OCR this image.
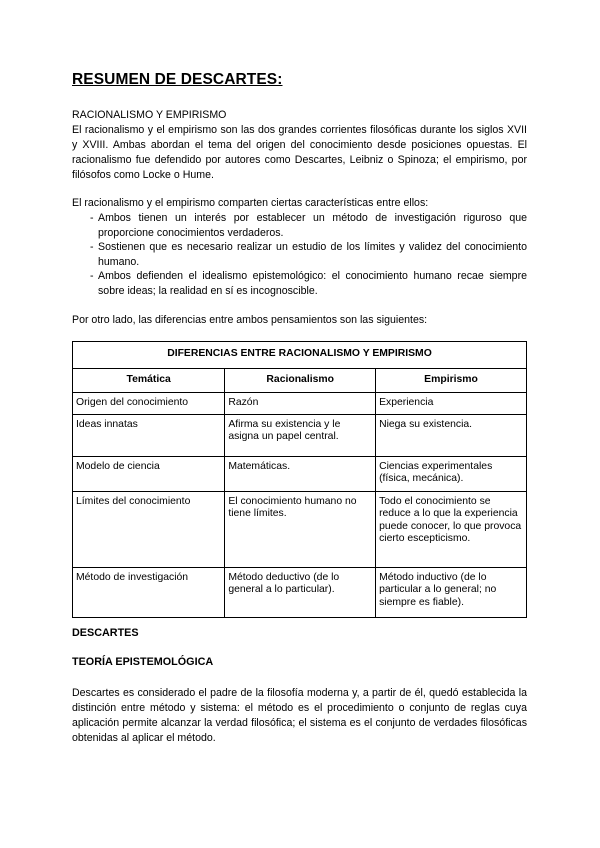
RESUMEN DE DESCARTES:
RACIONALISMO Y EMPIRISMO
El racionalismo y el empirismo son las dos grandes corrientes filosóficas durante los siglos XVII y XVIII. Ambas abordan el tema del origen del conocimiento desde posiciones opuestas. El racionalismo fue defendido por autores como Descartes, Leibniz o Spinoza; el empirismo, por filósofos como Locke o Hume.
El racionalismo y el empirismo comparten ciertas características entre ellos:
- Ambos tienen un interés por establecer un método de investigación riguroso que proporcione conocimientos verdaderos.
- Sostienen que es necesario realizar un estudio de los límites y validez del conocimiento humano.
- Ambos defienden el idealismo epistemológico: el conocimiento humano recae siempre sobre ideas; la realidad en sí es incognoscible.
Por otro lado, las diferencias entre ambos pensamientos son las siguientes:
DIFERENCIAS ENTRE RACIONALISMO Y EMPIRISMO		
Temática	Racionalismo	Empirismo
Origen del conocimiento	Razón	Experiencia
Ideas innatas	Afirma su existencia y le asigna un papel central.	Niega su existencia.
Modelo de ciencia	Matemáticas.	Ciencias experimentales (física, mecánica).
Límites del conocimiento	El conocimiento humano no tiene límites.	Todo el conocimiento se reduce a lo que la experiencia puede conocer, lo que provoca cierto escepticismo.
Método de investigación	Método deductivo (de lo general a lo particular).	Método inductivo (de lo particular a lo general; no siempre es fiable).
DESCARTES
TEORÍA EPISTEMOLÓGICA
Descartes es considerado el padre de la filosofía moderna y, a partir de él, quedó establecida la distinción entre método y sistema: el método es el procedimiento o conjunto de reglas cuya aplicación permite alcanzar la verdad filosófica; el sistema es el conjunto de verdades filosóficas obtenidas al aplicar el método.
